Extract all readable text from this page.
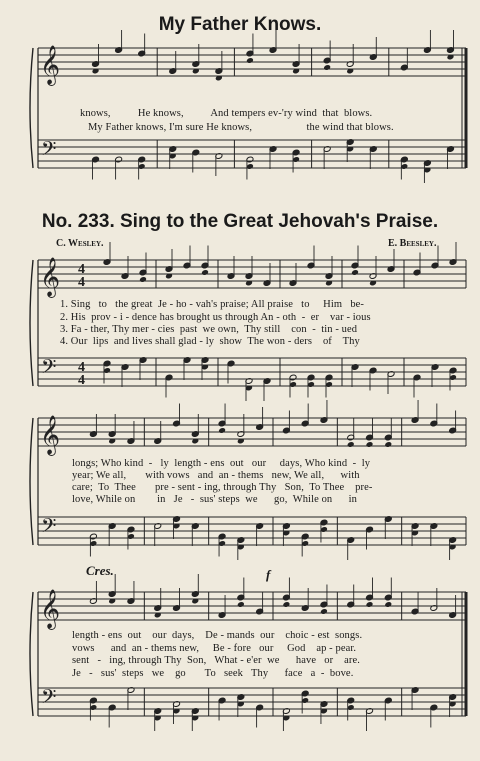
𝄞
𝄢
𝄞
𝄢
4
4
4
4
𝄞
𝄢
𝄞
𝄢
My Father Knows.
knows,          He knows,          And tempers ev-'ry wind  that  blows.
My Father knows, I'm sure He knows,                    the wind that blows.
No. 233. Sing to the Great Jehovah's Praise.
C. Wesley.	E. Beesley.
1. Sing   to   the great  Je - ho - vah's praise; All praise   to     Him   be-
2. His  prov - i - dence has brought us through An - oth  -  er    var - ious
3. Fa - ther, Thy mer - cies  past  we own,  Thy still    con  -  tin - ued
4. Our  lips  and lives shall glad - ly  show  The won - ders    of    Thy
longs; Who kind  -   ly  length - ens  out   our     days, Who kind  -  ly
year; We all,       with vows   and  an - thems   new, We all,      with
care;  To  Thee       pre - sent - ing, through Thy   Son,  To Thee    pre-
love, While on        in   Je   -  sus' steps  we      go,  While on      in
Cres.	f
length - ens  out    our  days,    De - mands  our    choic - est  songs.
vows      and  an - thems new,     Be - fore   our     God    ap - pear.
sent   -   ing, through Thy  Son,   What - e'er  we      have   or    are.
Je   -   sus'  steps   we    go       To   seek   Thy      face   a  -  bove.
